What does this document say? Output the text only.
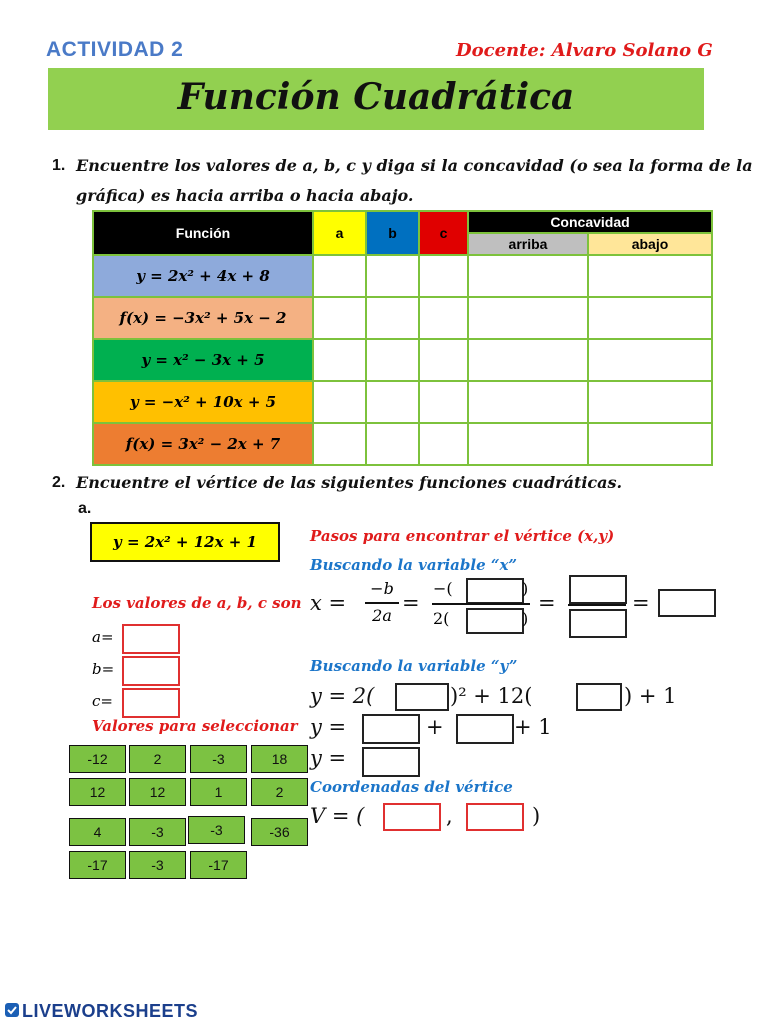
ACTIVIDAD 2	Docente: Alvaro Solano G
Función Cuadrática
1. Encuentre los valores de a, b, c y diga si la concavidad (o sea la forma de la
gráfica) es hacia arriba o hacia abajo.
Función	a	b	c	Concavidad	
				arriba	abajo
y = 2x² + 4x + 8					
f(x) = −3x² + 5x − 2					
y = x² − 3x + 5					
y = −x² + 10x + 5					
f(x) = 3x² − 2x + 7					
2. Encuentre el vértice de las siguientes funciones cuadráticas.
a.
y = 2x² + 12x + 1
Los valores de a, b, c son
a=
b=
c=
Valores para seleccionar
-12	2	-3	18
12	12	1	2
4	-3	-3	-36
-17	-3	-17
Pasos para encontrar el vértice (x,y)
Buscando la variable “x”
x =
−b
2a
=
−(	)
2(	)
=	=
Buscando la variable “y”
y = 2(	)² + 12(	) + 1
y =	+	+ 1
y =
Coordenadas del vértice
V = (	,	)
LIVEWORKSHEETS
